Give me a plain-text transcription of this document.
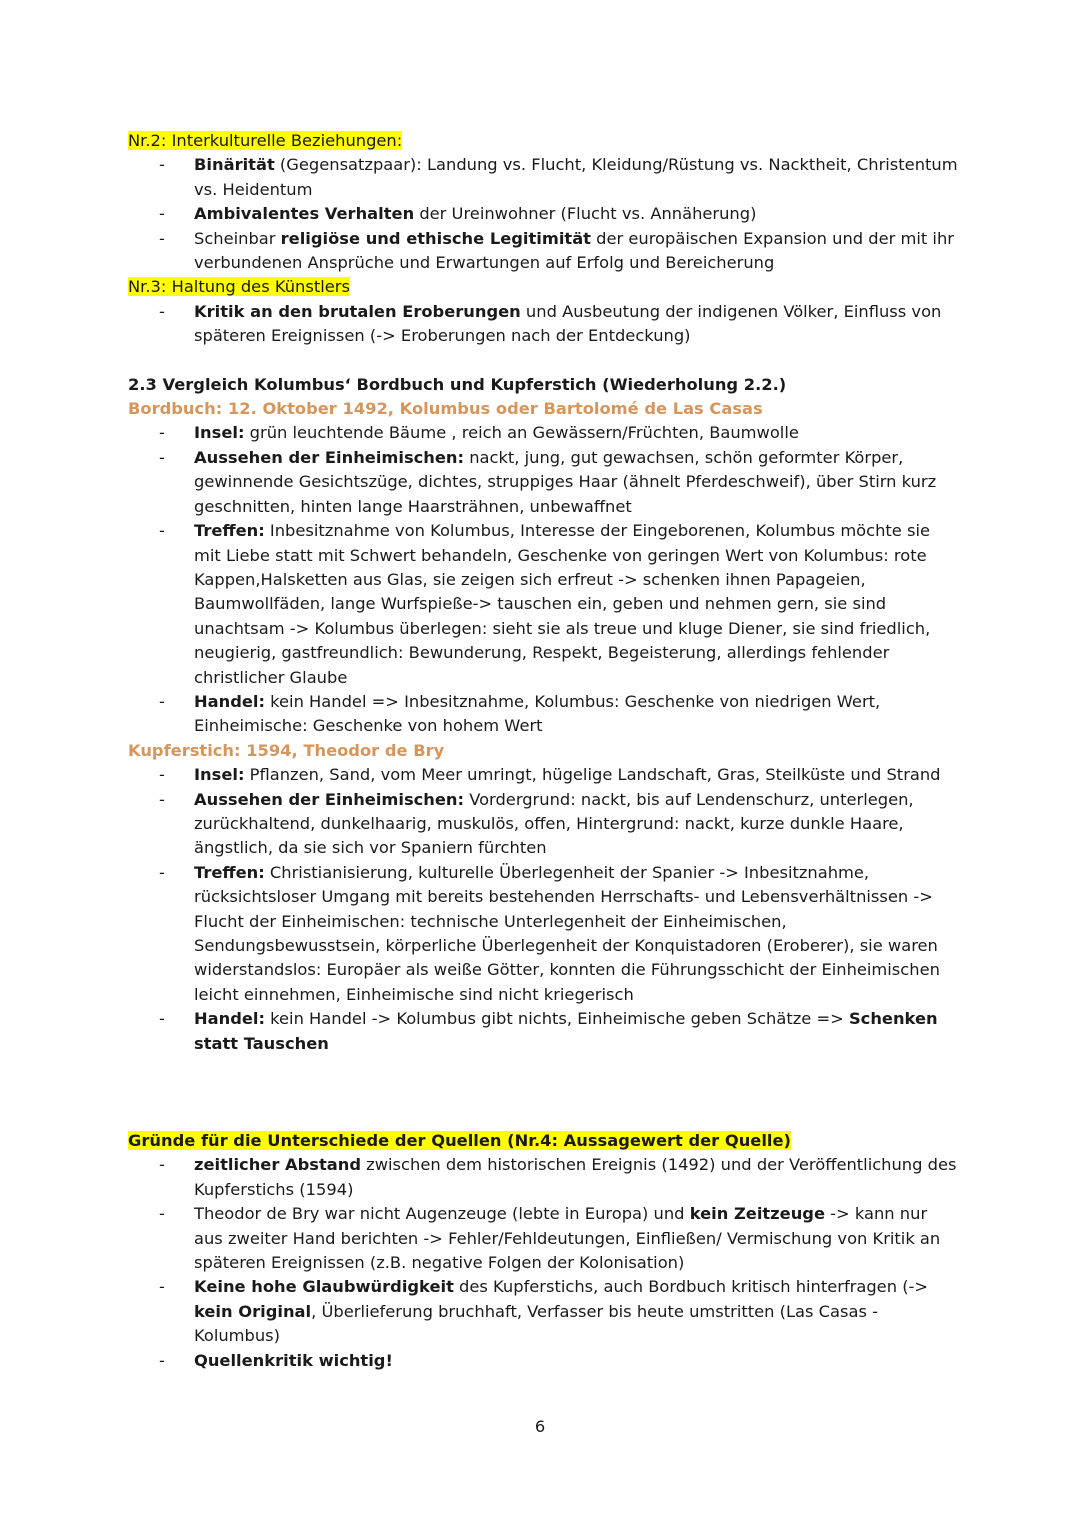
Nr.2: Interkulturelle Beziehungen:
- Binärität (Gegensatzpaar): Landung vs. Flucht, Kleidung/Rüstung vs. Nacktheit, Christentum vs. Heidentum
- Ambivalentes Verhalten der Ureinwohner (Flucht vs. Annäherung)
- Scheinbar religiöse und ethische Legitimität der europäischen Expansion und der mit ihr verbundenen Ansprüche und Erwartungen auf Erfolg und Bereicherung
Nr.3: Haltung des Künstlers
- Kritik an den brutalen Eroberungen und Ausbeutung der indigenen Völker, Einfluss von späteren Ereignissen (-> Eroberungen nach der Entdeckung)
2.3 Vergleich Kolumbus‘ Bordbuch und Kupferstich (Wiederholung 2.2.)
Bordbuch: 12. Oktober 1492, Kolumbus oder Bartolomé de Las Casas
- Insel: grün leuchtende Bäume , reich an Gewässern/Früchten, Baumwolle
- Aussehen der Einheimischen: nackt, jung, gut gewachsen, schön geformter Körper, gewinnende Gesichtszüge, dichtes, struppiges Haar (ähnelt Pferdeschweif), über Stirn kurz geschnitten, hinten lange Haarsträhnen, unbewaffnet
- Treffen: Inbesitznahme von Kolumbus, Interesse der Eingeborenen, Kolumbus möchte sie mit Liebe statt mit Schwert behandeln, Geschenke von geringen Wert von Kolumbus: rote Kappen,Halsketten aus Glas, sie zeigen sich erfreut -> schenken ihnen Papageien, Baumwollfäden, lange Wurfspieße-> tauschen ein, geben und nehmen gern, sie sind unachtsam -> Kolumbus überlegen: sieht sie als treue und kluge Diener, sie sind friedlich, neugierig, gastfreundlich: Bewunderung, Respekt, Begeisterung, allerdings fehlender christlicher Glaube
- Handel: kein Handel => Inbesitznahme, Kolumbus: Geschenke von niedrigen Wert, Einheimische: Geschenke von hohem Wert
Kupferstich: 1594, Theodor de Bry
- Insel: Pflanzen, Sand, vom Meer umringt, hügelige Landschaft, Gras, Steilküste und Strand
- Aussehen der Einheimischen: Vordergrund: nackt, bis auf Lendenschurz, unterlegen, zurückhaltend, dunkelhaarig, muskulös, offen, Hintergrund: nackt, kurze dunkle Haare, ängstlich, da sie sich vor Spaniern fürchten
- Treffen: Christianisierung, kulturelle Überlegenheit der Spanier -> Inbesitznahme, rücksichtsloser Umgang mit bereits bestehenden Herrschafts- und Lebensverhältnissen -> Flucht der Einheimischen: technische Unterlegenheit der Einheimischen, Sendungsbewusstsein, körperliche Überlegenheit der Konquistadoren (Eroberer), sie waren widerstandslos: Europäer als weiße Götter, konnten die Führungsschicht der Einheimischen leicht einnehmen, Einheimische sind nicht kriegerisch
- Handel: kein Handel -> Kolumbus gibt nichts, Einheimische geben Schätze => Schenken statt Tauschen
Gründe für die Unterschiede der Quellen (Nr.4: Aussagewert der Quelle)
- zeitlicher Abstand zwischen dem historischen Ereignis (1492) und der Veröffentlichung des Kupferstichs (1594)
- Theodor de Bry war nicht Augenzeuge (lebte in Europa) und kein Zeitzeuge -> kann nur aus zweiter Hand berichten -> Fehler/Fehldeutungen, Einfließen/ Vermischung von Kritik an späteren Ereignissen (z.B. negative Folgen der Kolonisation)
- Keine hohe Glaubwürdigkeit des Kupferstichs, auch Bordbuch kritisch hinterfragen (-> kein Original, Überlieferung bruchhaft, Verfasser bis heute umstritten (Las Casas - Kolumbus)
- Quellenkritik wichtig!
6
